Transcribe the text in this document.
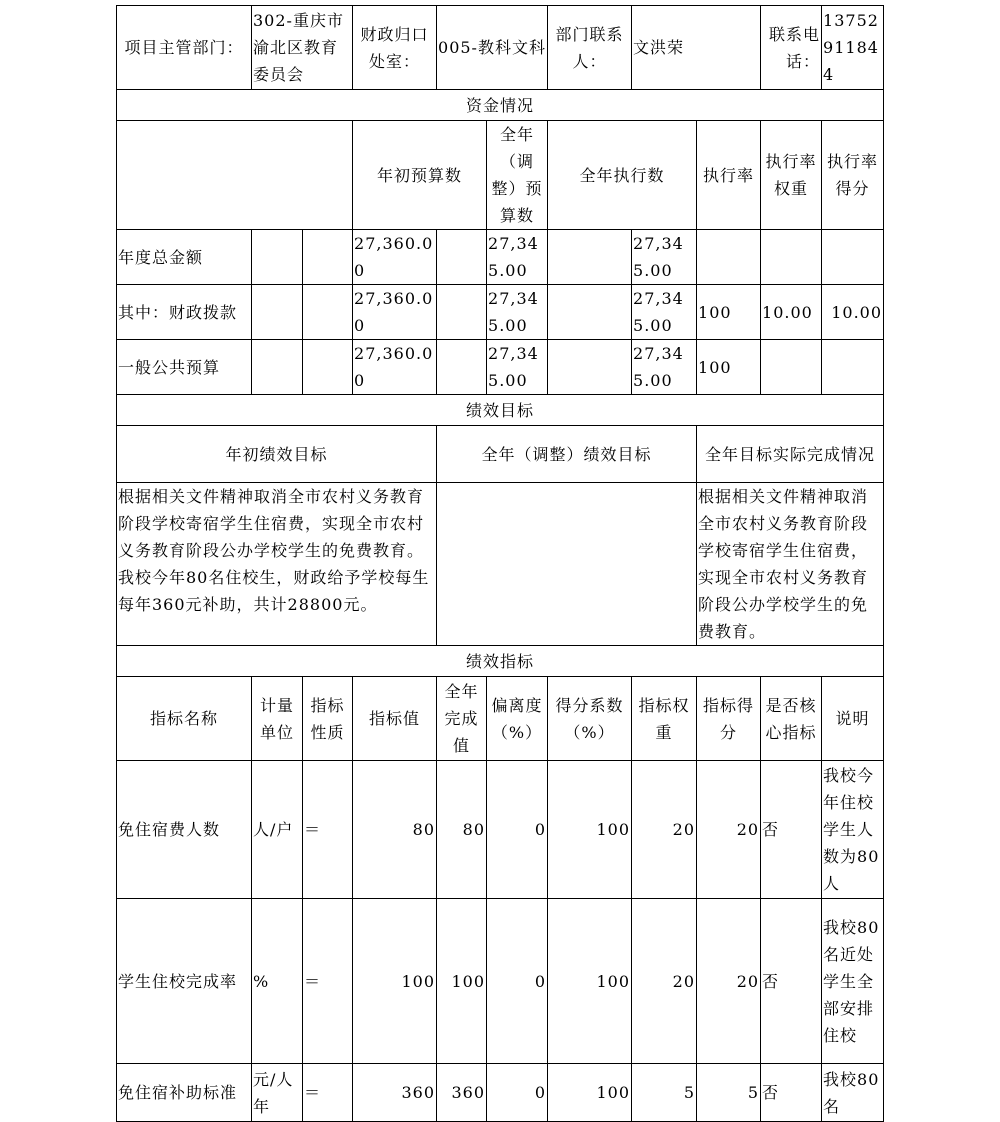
项目主管部门：	302-重庆市渝北区教育委员会		财政归口处室：	005-教科文科		部门联系人：	文洪荣		联系电话：	13752911844
资金情况										
			年初预算数		全年（调整）预算数	全年执行数		执行率	执行率权重	执行率得分
年度总金额			27,360.00		27,345.00		27,345.00			
其中：财政拨款			27,360.00		27,345.00		27,345.00	100	10.00	10.00
一般公共预算			27,360.00		27,345.00		27,345.00	100		
绩效目标										
年初绩效目标				全年（调整）绩效目标				全年目标实际完成情况		
根据相关文件精神取消全市农村义务教育阶段学校寄宿学生住宿费，实现全市农村义务教育阶段公办学校学生的免费教育。我校今年80名住校生，财政给予学校每生每年360元补助，共计28800元。								根据相关文件精神取消全市农村义务教育阶段学校寄宿学生住宿费，实现全市农村义务教育阶段公办学校学生的免费教育。		
绩效指标										
指标名称	计量单位	指标性质	指标值	全年完成值	偏离度（%）	得分系数（%）	指标权重	指标得分	是否核心指标	说明
免住宿费人数	人/户	＝	80	80	0	100	20	20	否	我校今年住校学生人数为80人
学生住校完成率	%	＝	100	100	0	100	20	20	否	我校80名近处学生全部安排住校
免住宿补助标准	元/人年	＝	360	360	0	100	5	5	否	我校80名
